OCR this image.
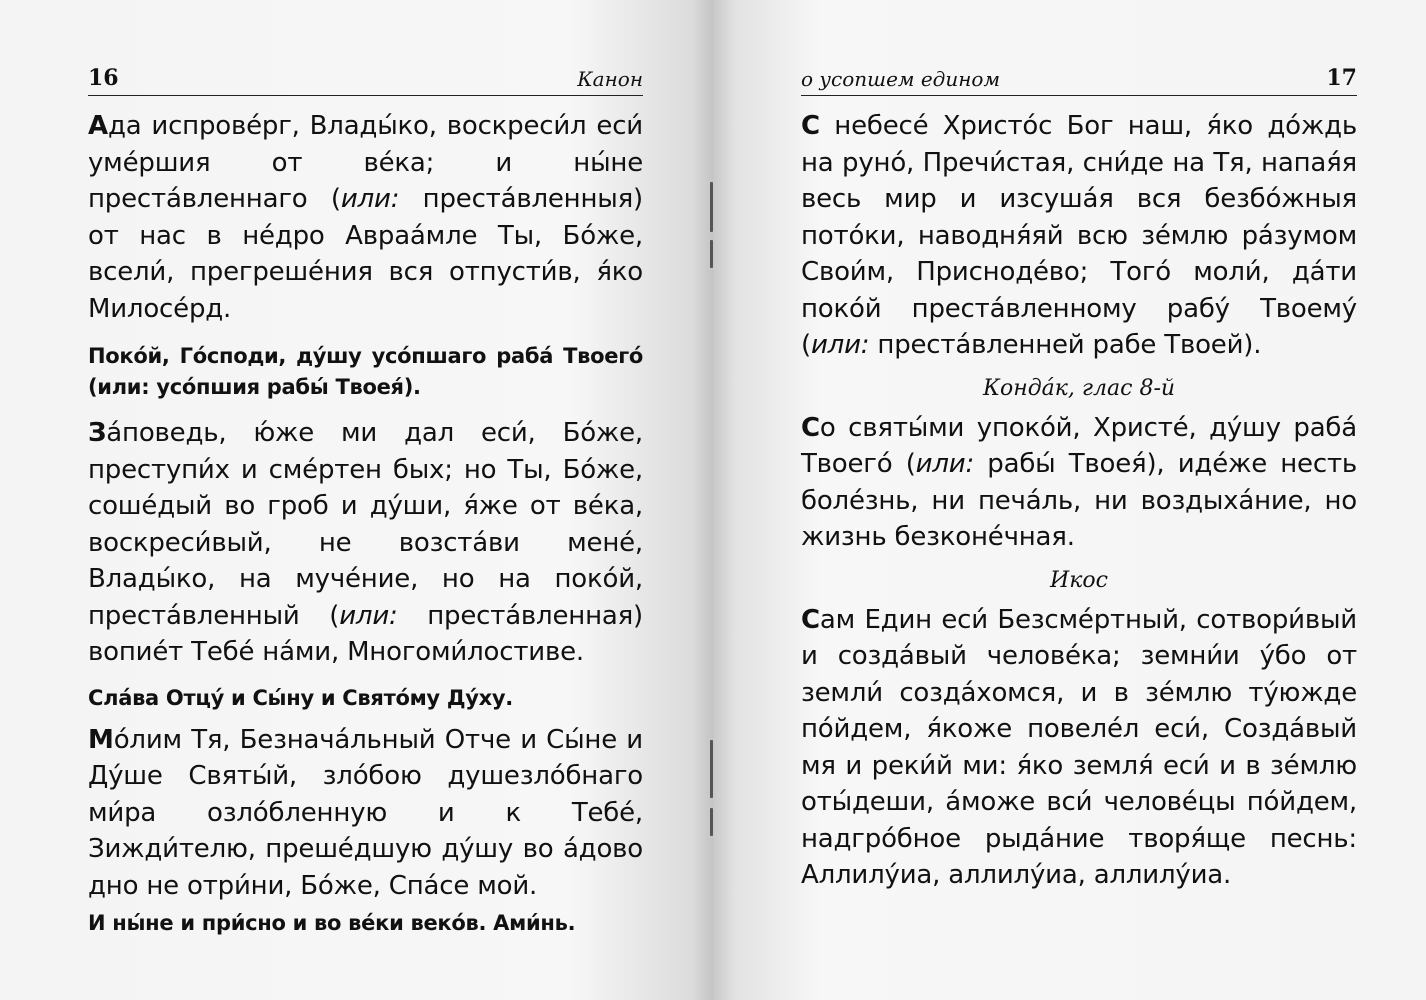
16	Канон

Ада испровéрг, Влады́ко, воскреси́л еси́ умéршия от вéка; и ны́не престáвленнаго (или: престáвленныя) от нас в нéдро Авраáмле Ты, Бóже, всели́, прегрешéния вся отпусти́в, я́ко Милосéрд.

Покóй, Гóсподи, дýшу усóпшаго рабá Твоегó (или: усóпшия рабы́ Твоея́).

Зáповедь, ю́же ми дал еси́, Бóже, преступи́х и смéртен бых; но Ты, Бóже, сошéдый во гроб и дýши, я́же от вéка, воскреси́вый, не возстáви менé, Влады́ко, на мучéние, но на покóй, престáвленный (или: престáвленная) вопиéт Тебé нáми, Многоми́лостиве.

Слáва Отцý и Сы́ну и Святóму Дýху.

Мóлим Тя, Безначáльный Отче и Сы́не и Дýше Святы́й, злóбою душезлóбнаго ми́ра озлóбленную и к Тебé, Зижди́телю, прешéдшую дýшу во áдово дно не отри́ни, Бóже, Спáсе мой.

И ны́не и при́сно и во вéки векóв. Ами́нь.

о усопшем едином	17

С небесé Христóс Бог наш, я́ко дóждь на рунó, Пречи́стая, сни́де на Тя, напая́я весь мир и изсушáя вся безбóжныя потóки, наводня́яй всю зéмлю рáзумом Свои́м, Приснодéво; Тогó моли́, дáти покóй престáвленному рабý Твоемý (или: престáвленней рабе Твоей).

Кондáк, глас 8-й

Со святы́ми упокóй, Христé, дýшу рабá Твоегó (или: рабы́ Твоея́), идéже несть болéзнь, ни печáль, ни воздыхáние, но жизнь безконéчная.

Икос

Сам Един еси́ Безсмéртный, сотвори́вый и создáвый человéка; земни́и ýбо от земли́ создáхомся, и в зéмлю тýюжде пóйдем, я́коже повелéл еси́, Создáвый мя и реки́й ми: я́ко земля́ еси́ и в зéмлю оты́деши, áможе вси́ человéцы пóйдем, надгрóбное рыдáние творя́ще песнь: Аллилýиа, аллилýиа, аллилýиа.
